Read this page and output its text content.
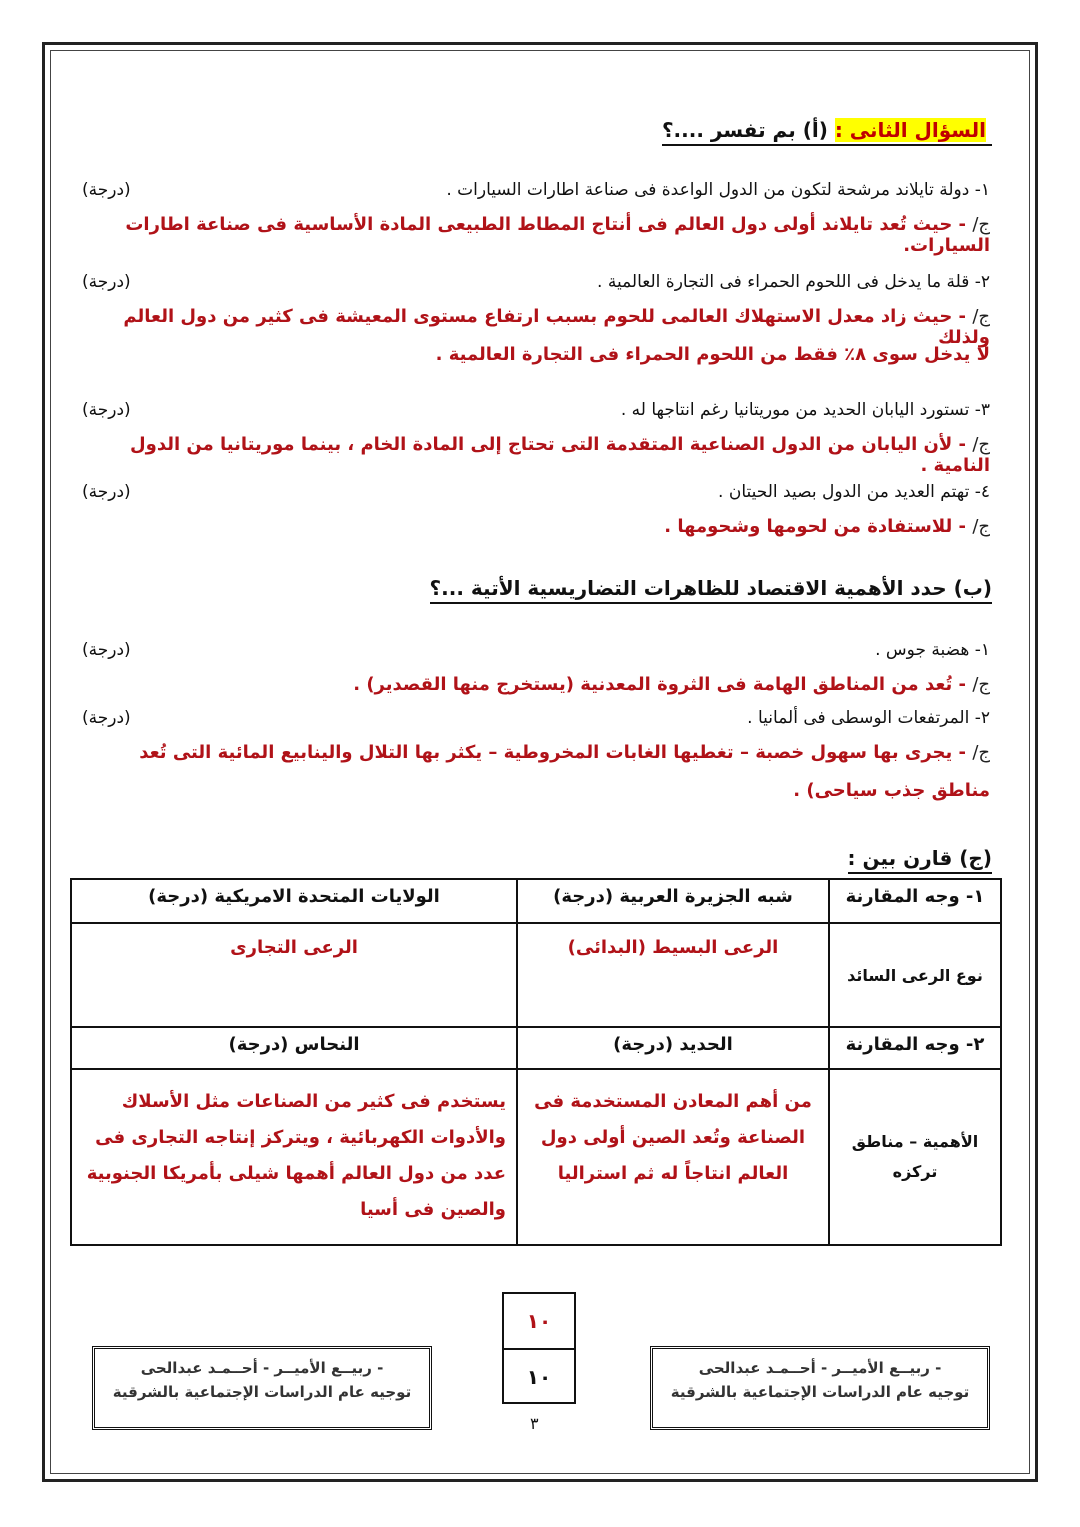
السؤال الثانى : (أ) بم تفسر ....؟
١- دولة تايلاند مرشحة لتكون من الدول الواعدة فى صناعة اطارات السيارات .
(درجة)
ج/ - حيث تُعد تايلاند أولى دول العالم فى أنتاج المطاط الطبيعى المادة الأساسية فى صناعة اطارات السيارات.
٢- قلة ما يدخل فى اللحوم الحمراء فى التجارة العالمية .
(درجة)
ج/ - حيث زاد معدل الاستهلاك العالمى للحوم بسبب ارتفاع مستوى المعيشة فى كثير من دول العالم ولذلك
لا يدخل سوى ٨٪ فقط من اللحوم الحمراء فى التجارة العالمية .
٣- تستورد اليابان الحديد من موريتانيا رغم انتاجها له .
(درجة)
ج/ - لأن اليابان من الدول الصناعية المتقدمة التى تحتاج إلى المادة الخام ، بينما موريتانيا من الدول النامية .
٤- تهتم العديد من الدول بصيد الحيتان .
(درجة)
ج/ - للاستفادة من لحومها وشحومها .
(ب) حدد الأهمية الاقتصاد للظاهرات التضاريسية الأتية ...؟
١- هضبة جوس .
(درجة)
ج/ - تُعد من المناطق الهامة فى الثروة المعدنية (يستخرج منها القصدير) .
٢- المرتفعات الوسطى فى ألمانيا .
(درجة)
ج/ - يجرى بها سهول خصبة – تغطيها الغابات المخروطية – يكثر بها التلال والينابيع المائية التى تُعد
مناطق جذب سياحى) .
(ج) قارن بين :
١- وجه المقارنة	شبه الجزيرة العربية (درجة)	الولايات المتحدة الامريكية (درجة)
نوع الرعى السائد	الرعى البسيط (البدائى)	الرعى التجارى
٢- وجه المقارنة	الحديد (درجة)	النحاس (درجة)
الأهمية – مناطق تركزه	من أهم المعادن المستخدمة فى الصناعة وتُعد الصين أولى دول العالم انتاجاً له ثم استراليا	يستخدم فى كثير من الصناعات مثل الأسلاك والأدوات الكهربائية ، ويتركز إنتاجه التجارى فى عدد من دول العالم أهمها شيلى بأمريكا الجنوبية والصين فى أسيا
١٠
١٠
٣
- ربيــع الأميــر - أحــمـد عبدالحى
توجيه عام الدراسات الإجتماعية بالشرقية
- ربيــع الأميــر - أحــمـد عبدالحى
توجيه عام الدراسات الإجتماعية بالشرقية
